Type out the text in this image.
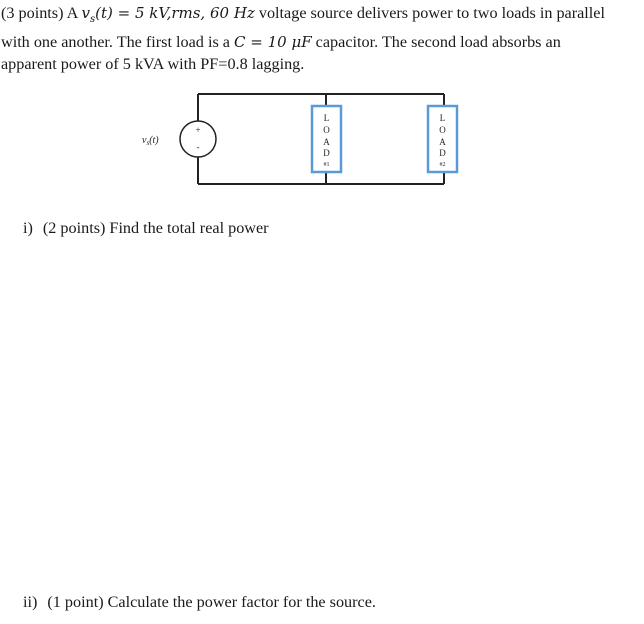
(3 points) A $v_s(t) = 5$ kV,rms, 60 Hz voltage source delivers power to two loads in parallel
with one another. The first load is a C = 10 μF capacitor. The second load absorbs an
apparent power of 5 kVA with PF=0.8 lagging.
+
-
$v_s(t)$
L
O
A
D
#1
L
O
A
D
#2
i) (2 points) Find the total real power
ii) (1 point) Calculate the power factor for the source.
